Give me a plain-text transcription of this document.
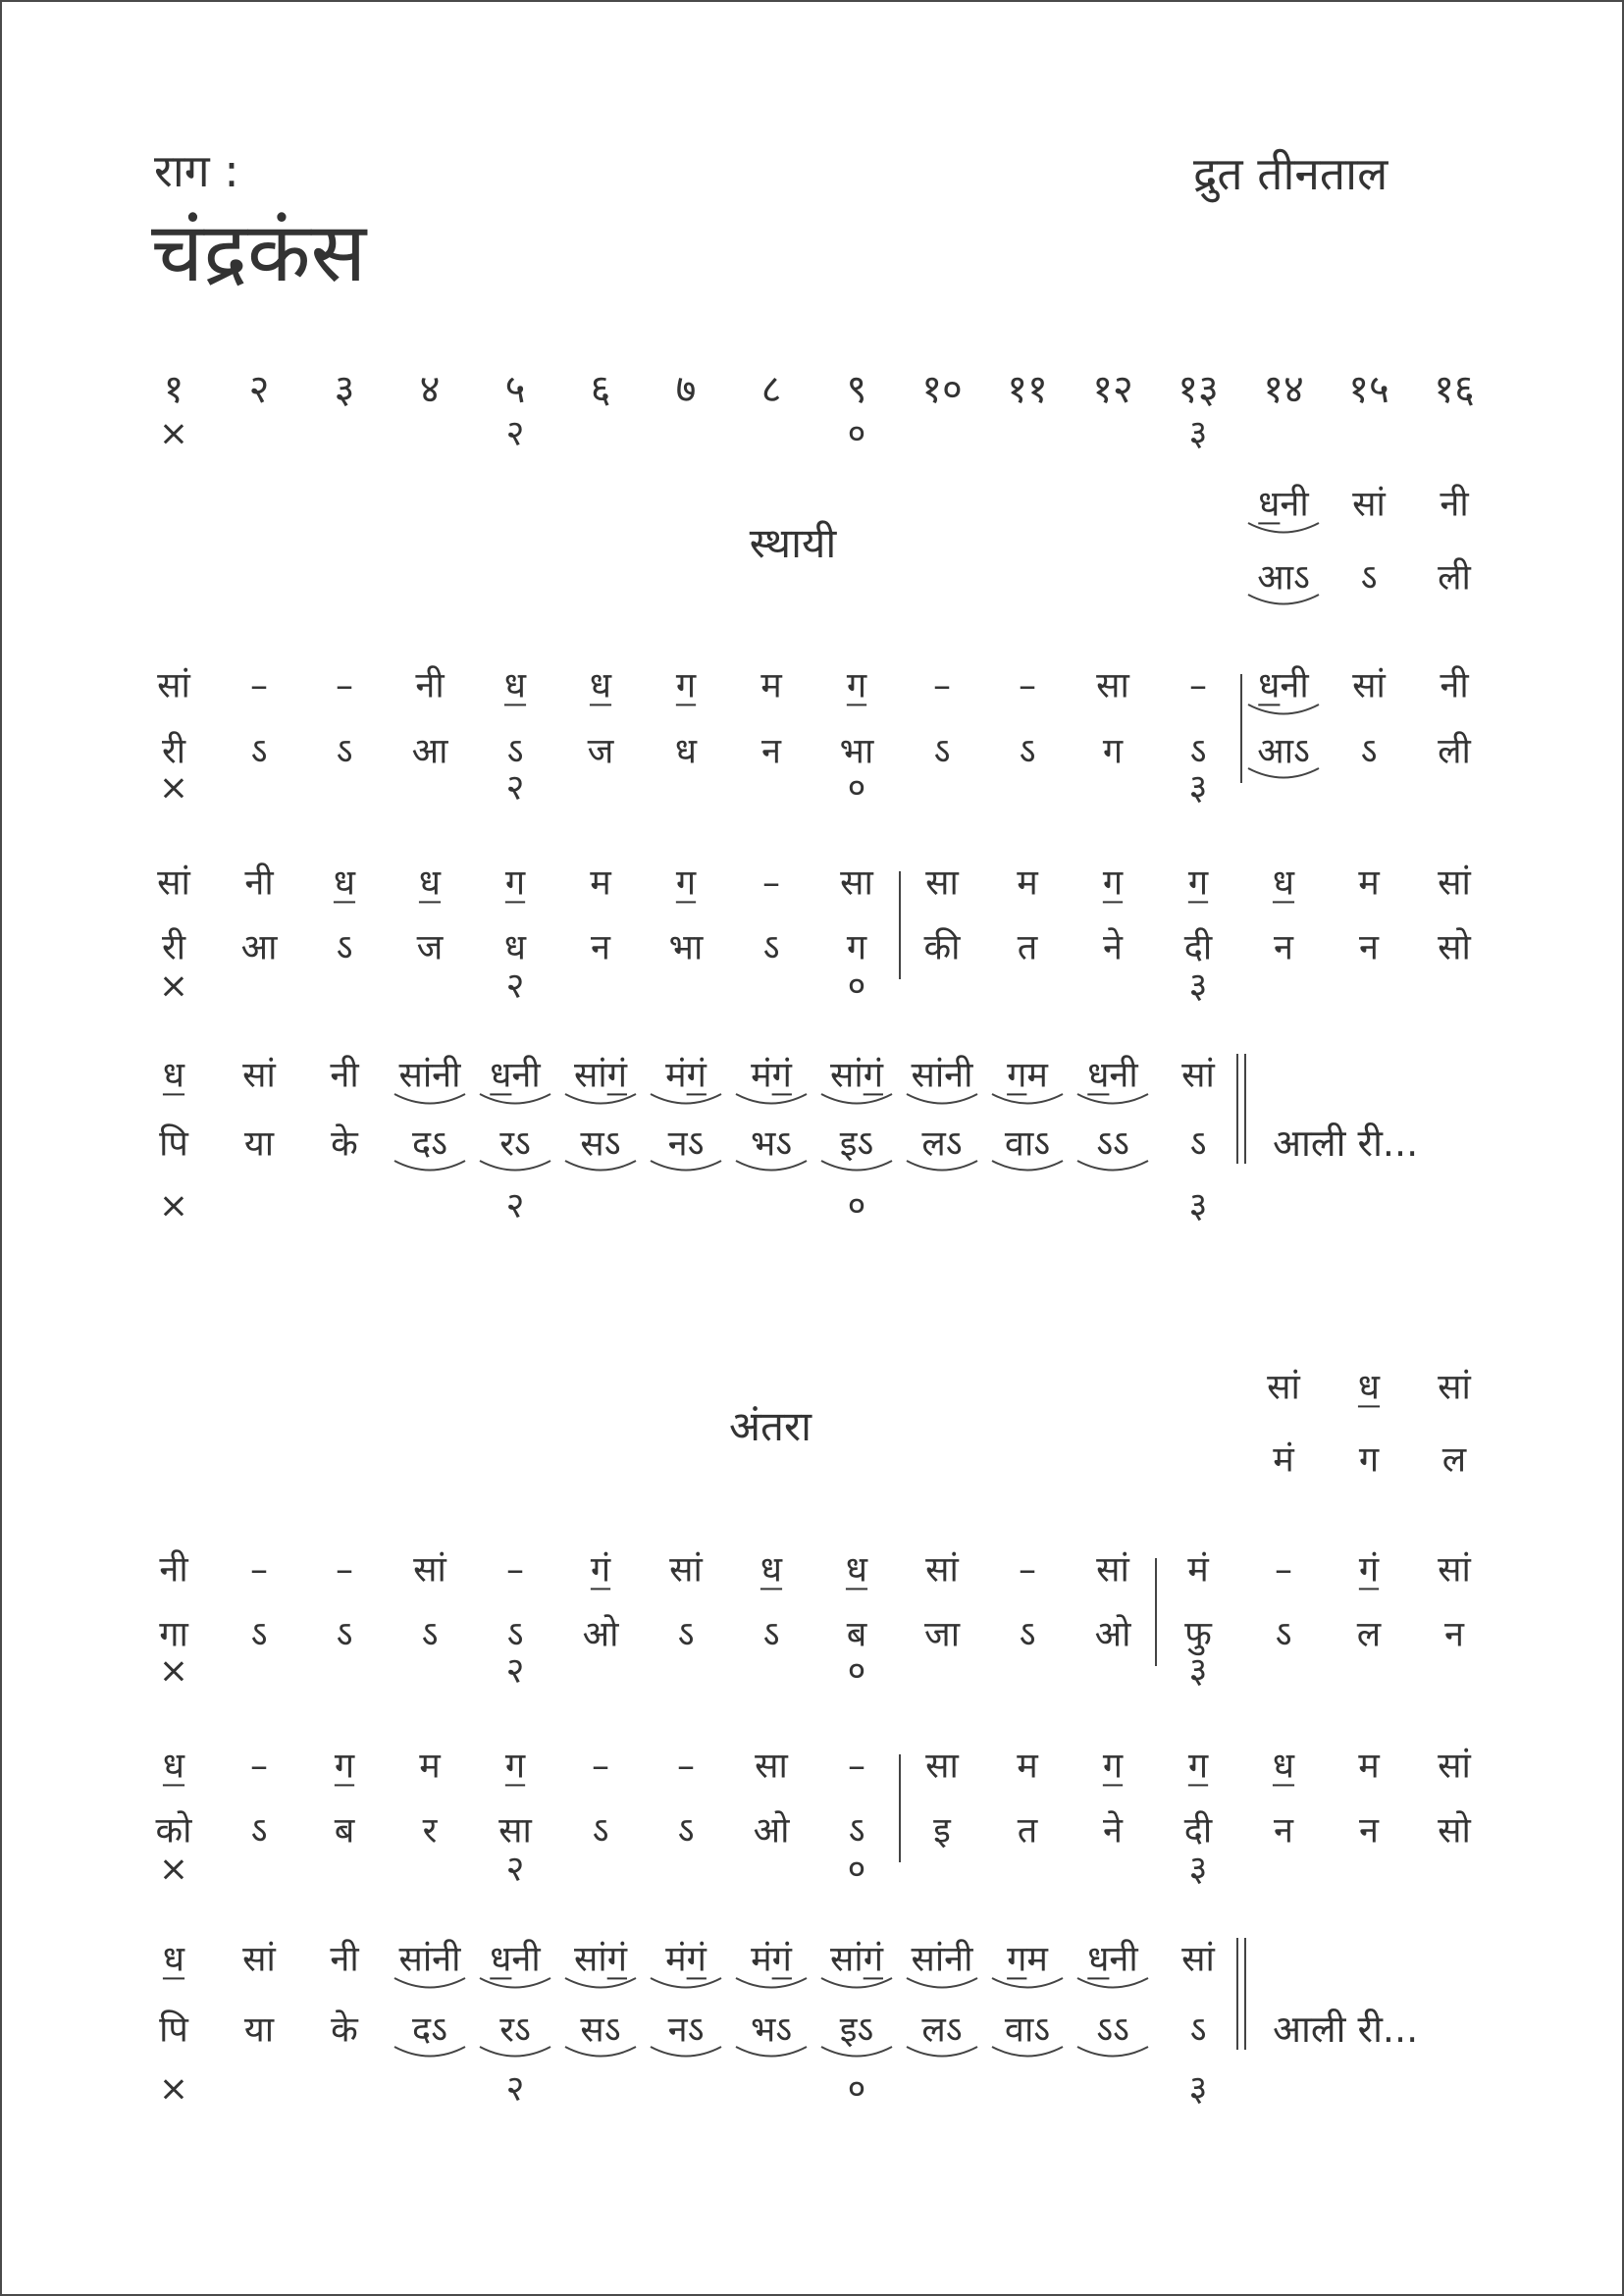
राग :
चंद्रकंस
द्रुत तीनताल
१ २ ३ ४ ५ ६ ७ ८ ९ १० ११ १२ १३ १४ १५ १६
×	२	०	३
स्थायी
धनी सां नी
आऽ ऽ ली
सां – – नी ध ध ग म ग – – सा – धनी सां नी
री ऽ ऽ आ ऽ ज ध न भा ऽ ऽ ग ऽ आऽ ऽ ली
×	२	०	३
सां नी ध ध ग म ग – सा सा म ग ग ध म सां
री आ ऽ ज ध न भा ऽ ग की त ने दी न न सो
×	२	०	३
ध सां नी सांनी धनी सांगं मंगं मंगं सांगं सांनी गम धनी सां
पि या के दऽ रऽ सऽ नऽ भऽ इऽ लऽ वाऽ ऽऽ ऽ
×	२	०	३
आली री...
अंतरा
सां ध सां
मं ग ल
नी – – सां – गं सां ध ध सां – सां मं – गं सां
गा ऽ ऽ ऽ ऽ ओ ऽ ऽ ब जा ऽ ओ फु ऽ ल न
×	२	०	३
ध – ग म ग – – सा – सा म ग ग ध म सां
को ऽ ब र सा ऽ ऽ ओ ऽ इ त ने दी न न सो
×	२	०	३
ध सां नी सांनी धनी सांगं मंगं मंगं सांगं सांनी गम धनी सां
पि या के दऽ रऽ सऽ नऽ भऽ इऽ लऽ वाऽ ऽऽ ऽ
×	२	०	३
आली री...
